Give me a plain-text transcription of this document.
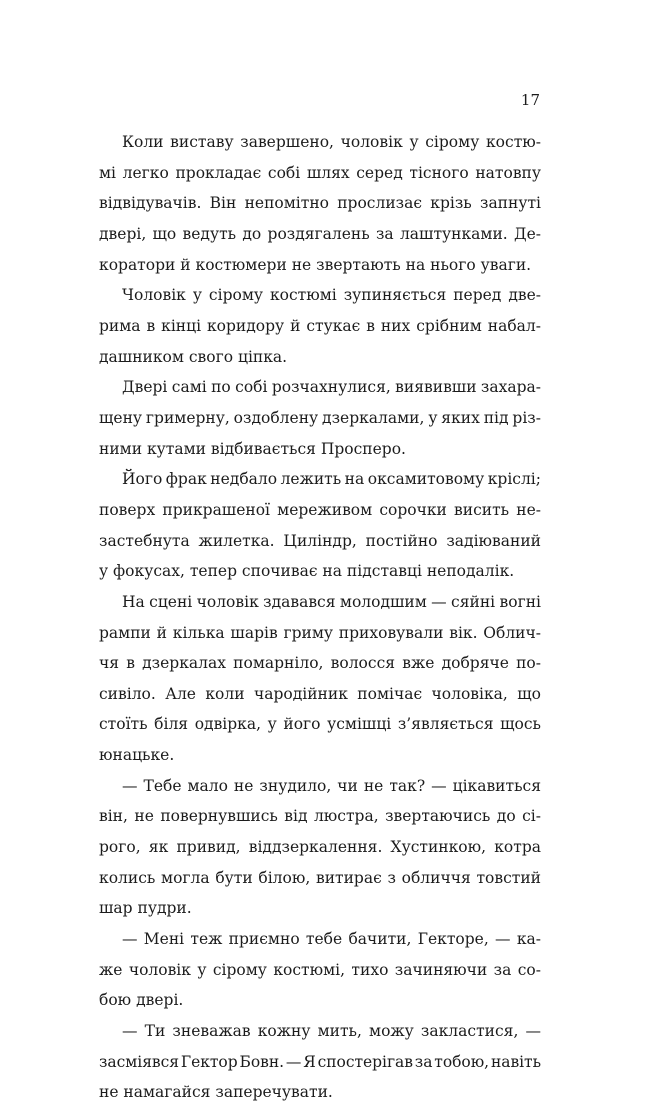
17
Коли виставу завершено, чоловік у сірому костю-
мі легко прокладає собі шлях серед тісного натовпу
відвідувачів. Він непомітно прослизає крізь запнуті
двері, що ведуть до роздягалень за лаштунками. Де-
коратори й костюмери не звертають на нього уваги.
Чоловік у сірому костюмі зупиняється перед две-
рима в кінці коридору й стукає в них срібним набал-
дашником свого ціпка.
Двері самі по собі розчахнулися, виявивши захара-
щену гримерну, оздоблену дзеркалами, у яких під різ-
ними кутами відбивається Просперо.
Його фрак недбало лежить на оксамитовому кріслі;
поверх прикрашеної мереживом сорочки висить не-
застебнута жилетка. Циліндр, постійно задіюваний
у фокусах, тепер спочиває на підставці неподалік.
На сцені чоловік здавався молодшим — сяйні вогні
рампи й кілька шарів гриму приховували вік. Облич-
чя в дзеркалах помарніло, волосся вже добряче по-
сивіло. Але коли чародійник помічає чоловіка, що
стоїть біля одвірка, у його усмішці з’являється щось
юнацьке.
— Тебе мало не знудило, чи не так? — цікавиться
він, не повернувшись від люстра, звертаючись до сі-
рого, як привид, віддзеркалення. Хустинкою, котра
колись могла бути білою, витирає з обличчя товстий
шар пудри.
— Мені теж приємно тебе бачити, Гекторе, — ка-
же чоловік у сірому костюмі, тихо зачиняючи за со-
бою двері.
— Ти зневажав кожну мить, можу закластися, —
засміявся Гектор Бовн. — Я спостерігав за тобою, навіть
не намагайся заперечувати.
